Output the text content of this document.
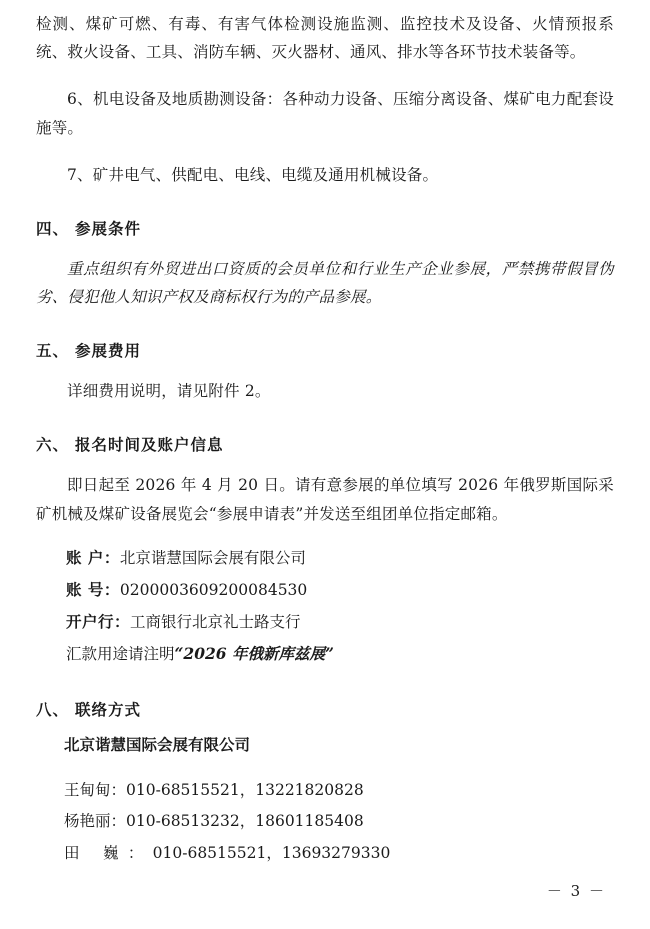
检测、煤矿可燃、有毒、有害气体检测设施监测、监控技术及设备、火情预报系统、救火设备、工具、消防车辆、灭火器材、通风、排水等各环节技术装备等。

6、机电设备及地质勘测设备：各种动力设备、压缩分离设备、煤矿电力配套设施等。

7、矿井电气、供配电、电线、电缆及通用机械设备。

四、 参展条件

重点组织有外贸进出口资质的会员单位和行业生产企业参展，严禁携带假冒伪劣、侵犯他人知识产权及商标权行为的产品参展。

五、 参展费用

详细费用说明，请见附件 2。

六、 报名时间及账户信息

即日起至 2026 年 4 月 20 日。请有意参展的单位填写 2026 年俄罗斯国际采矿机械及煤矿设备展览会“参展申请表”并发送至组团单位指定邮箱。

账 户：北京谐慧国际会展有限公司
账 号：0200003609200084530
开户行：工商银行北京礼士路支行
汇款用途请注明“2026 年俄新库兹展”

八、 联络方式

北京谐慧国际会展有限公司

王甸甸：010-68515521，13221820828
杨艳丽：010-68513232，18601185408
田 巍：010-68515521，13693279330
－ 3 －
